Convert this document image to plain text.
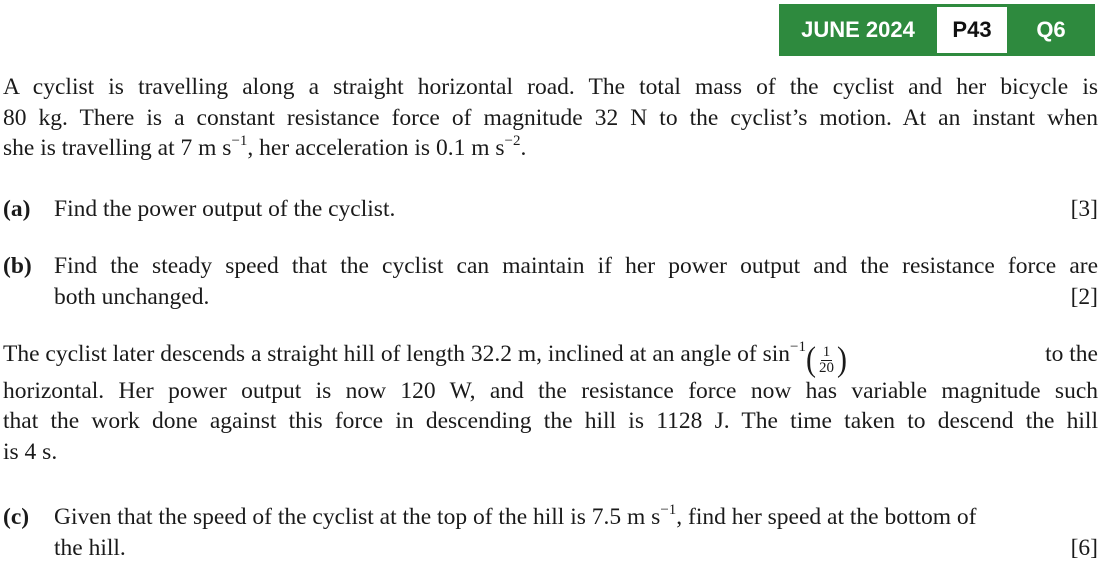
JUNE 2024	P43	Q6
A cyclist is travelling along a straight horizontal road. The total mass of the cyclist and her bicycle is
80 kg. There is a constant resistance force of magnitude 32 N to the cyclist’s motion. At an instant when
she is travelling at 7 m $s^{-1}$, her acceleration is 0.1 m $s^{-2}$.
(a) Find the power output of the cyclist.	[3]
(b) Find the steady speed that the cyclist can maintain if her power output and the resistance force are
both unchanged.	[2]
The cyclist later descends a straight hill of length 32.2 m, inclined at an angle of $\sin^{-1}$ ( $\frac{1}{20}$ )	to the
horizontal. Her power output is now 120 W, and the resistance force now has variable magnitude such
that the work done against this force in descending the hill is 1128 J. The time taken to descend the hill
is 4 s.
(c) Given that the speed of the cyclist at the top of the hill is 7.5 m $s^{-1}$, find her speed at the bottom of
the hill.	[6]
